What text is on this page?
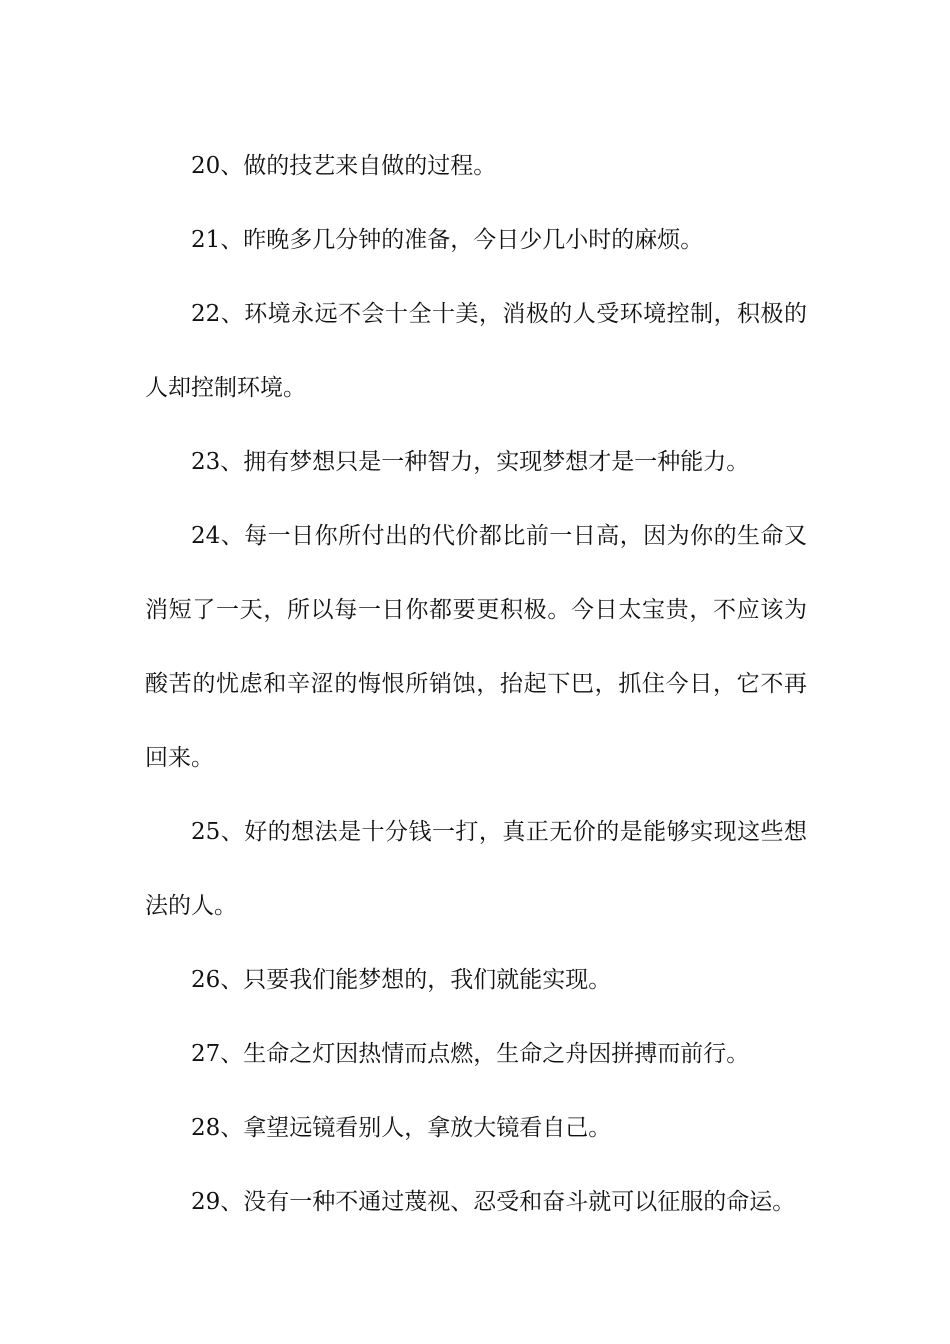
20、做的技艺来自做的过程。

21、昨晚多几分钟的准备，今日少几小时的麻烦。

22、环境永远不会十全十美，消极的人受环境控制，积极的人却控制环境。

23、拥有梦想只是一种智力，实现梦想才是一种能力。

24、每一日你所付出的代价都比前一日高，因为你的生命又消短了一天，所以每一日你都要更积极。今日太宝贵，不应该为酸苦的忧虑和辛涩的悔恨所销蚀，抬起下巴，抓住今日，它不再回来。

25、好的想法是十分钱一打，真正无价的是能够实现这些想法的人。

26、只要我们能梦想的，我们就能实现。

27、生命之灯因热情而点燃，生命之舟因拼搏而前行。

28、拿望远镜看别人，拿放大镜看自己。

29、没有一种不通过蔑视、忍受和奋斗就可以征服的命运。
